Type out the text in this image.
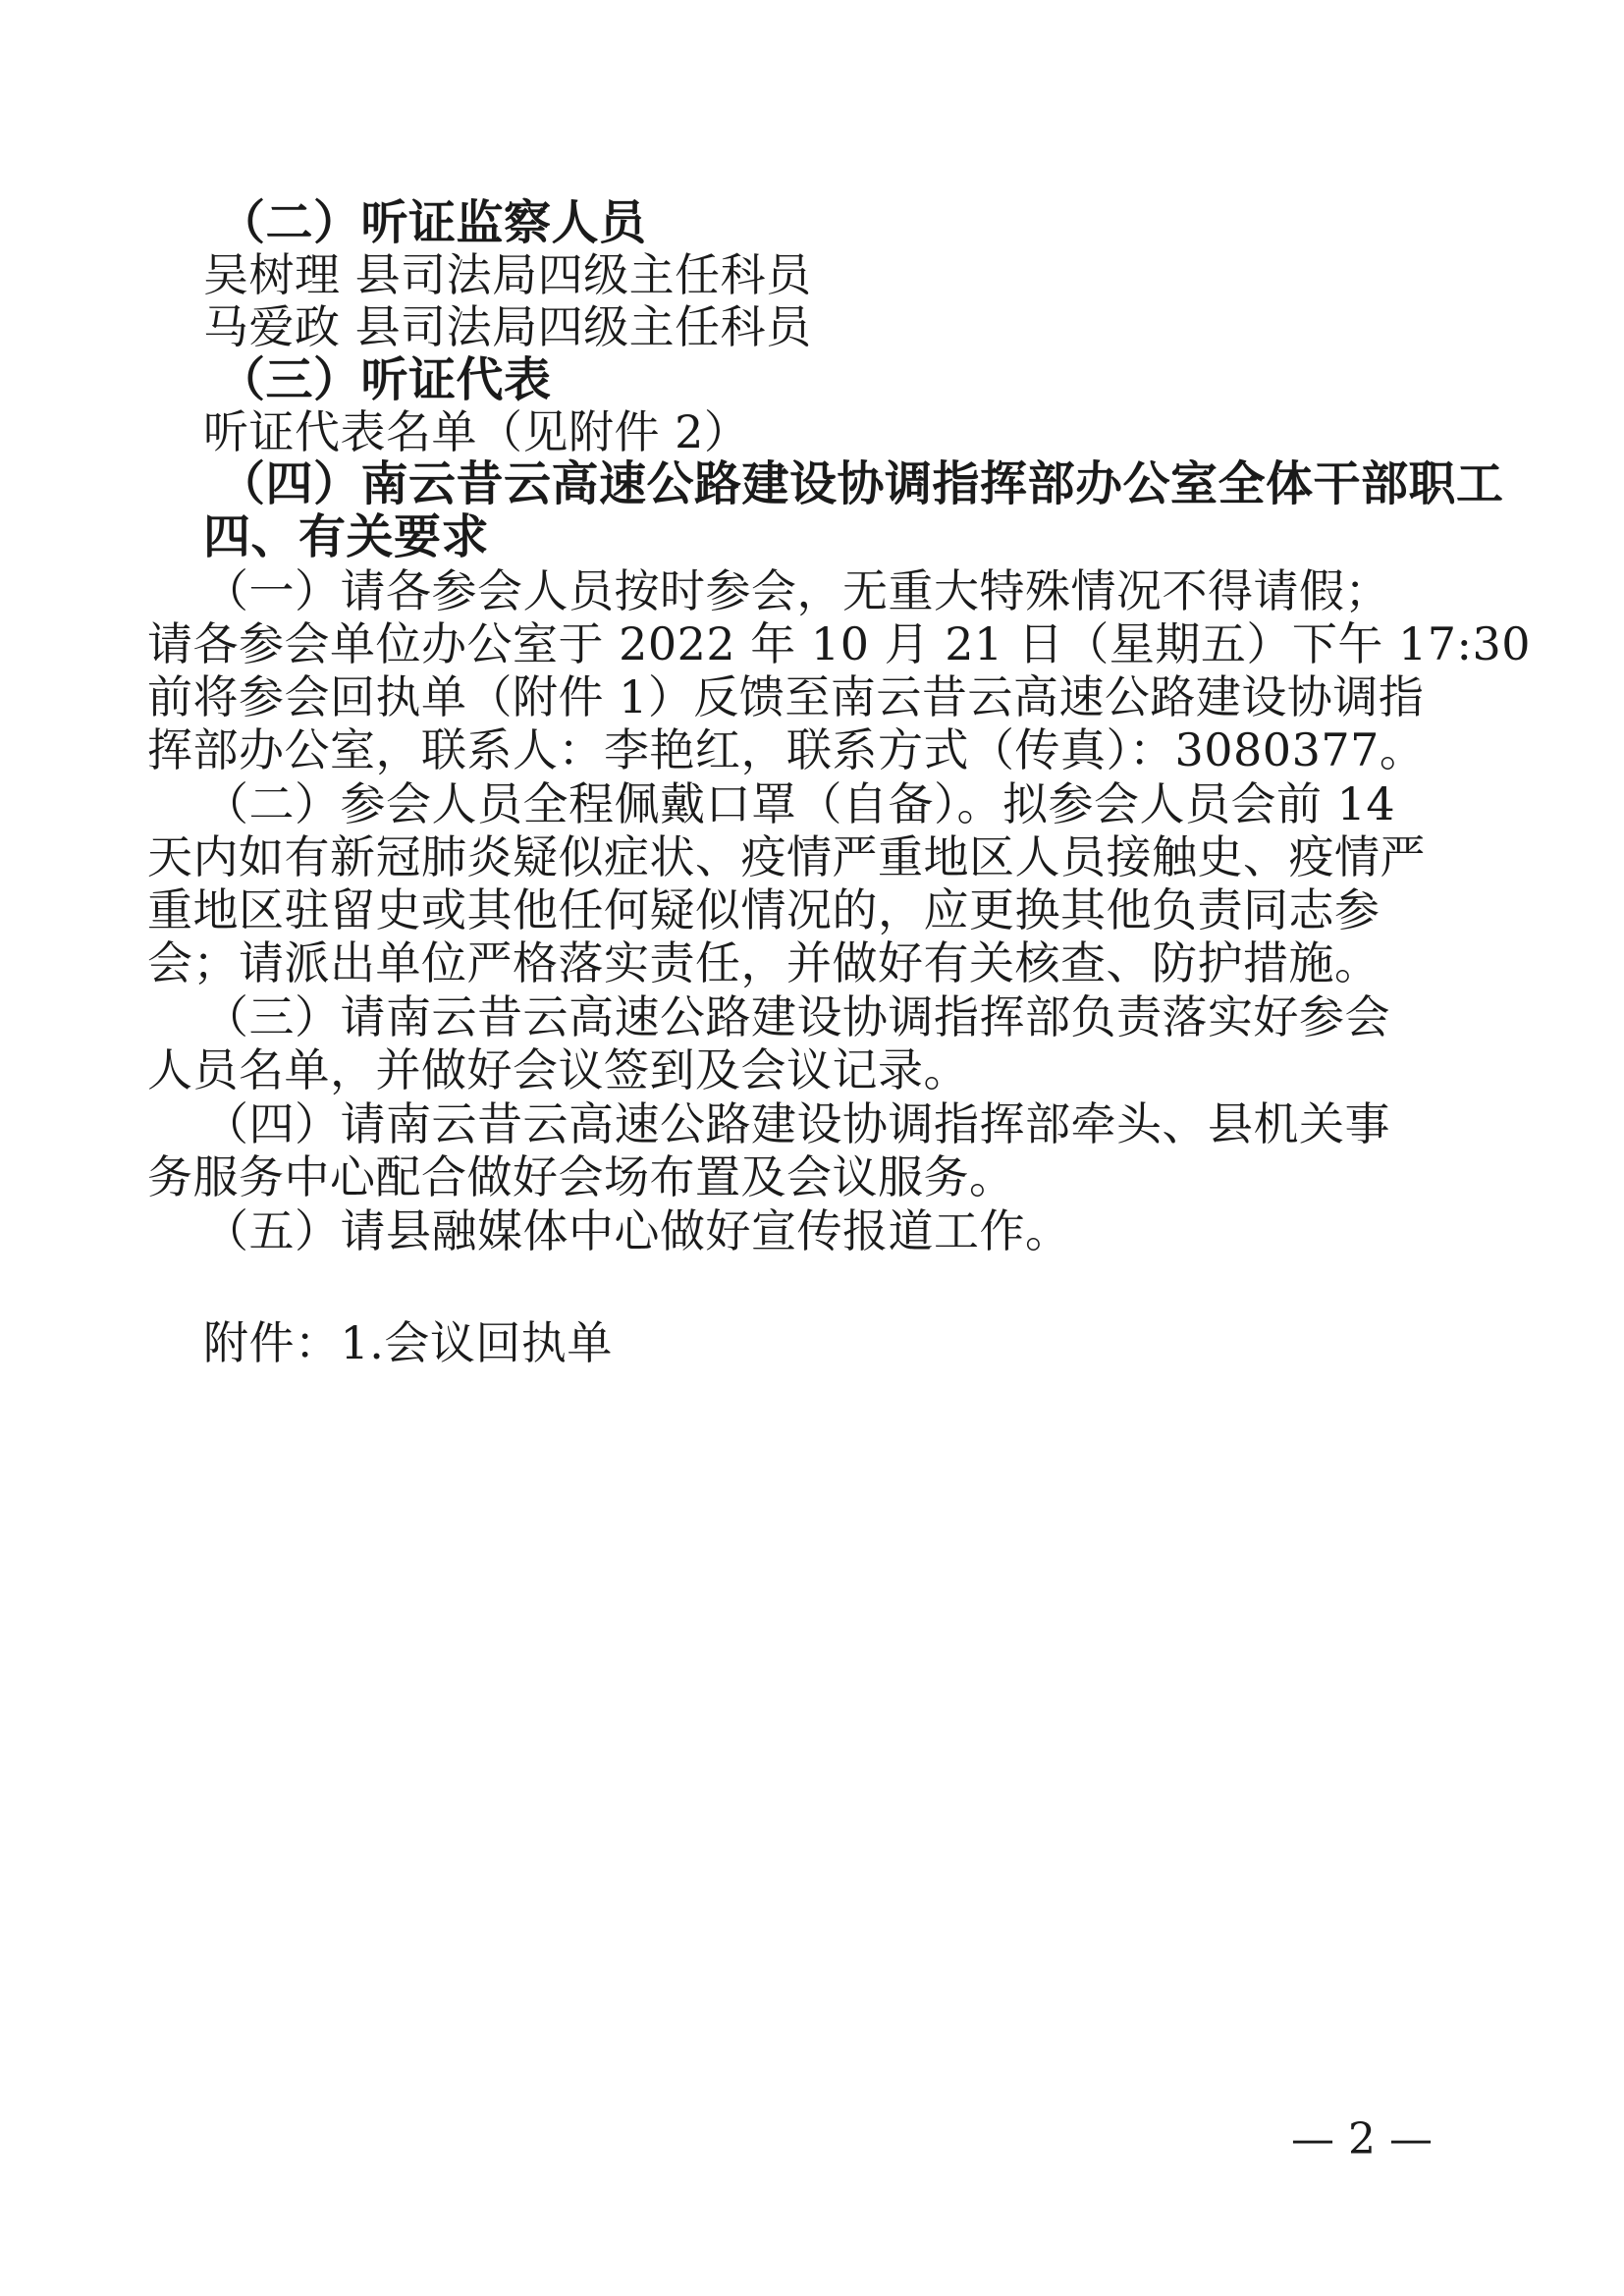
（二）听证监察人员
吴树理 县司法局四级主任科员
马爱政 县司法局四级主任科员
（三）听证代表
听证代表名单（见附件 2）
（四）南云昔云高速公路建设协调指挥部办公室全体干部职工
四、有关要求
（一）请各参会人员按时参会，无重大特殊情况不得请假；
请各参会单位办公室于 2022 年 10 月 21 日（星期五）下午 17:30
前将参会回执单（附件 1）反馈至南云昔云高速公路建设协调指
挥部办公室，联系人：李艳红，联系方式（传真）：3080377。
（二）参会人员全程佩戴口罩（自备）。拟参会人员会前 14
天内如有新冠肺炎疑似症状、疫情严重地区人员接触史、疫情严
重地区驻留史或其他任何疑似情况的，应更换其他负责同志参
会；请派出单位严格落实责任，并做好有关核查、防护措施。
（三）请南云昔云高速公路建设协调指挥部负责落实好参会
人员名单，并做好会议签到及会议记录。
（四）请南云昔云高速公路建设协调指挥部牵头、县机关事
务服务中心配合做好会场布置及会议服务。
（五）请县融媒体中心做好宣传报道工作。
附件：1.会议回执单
— 2 —
